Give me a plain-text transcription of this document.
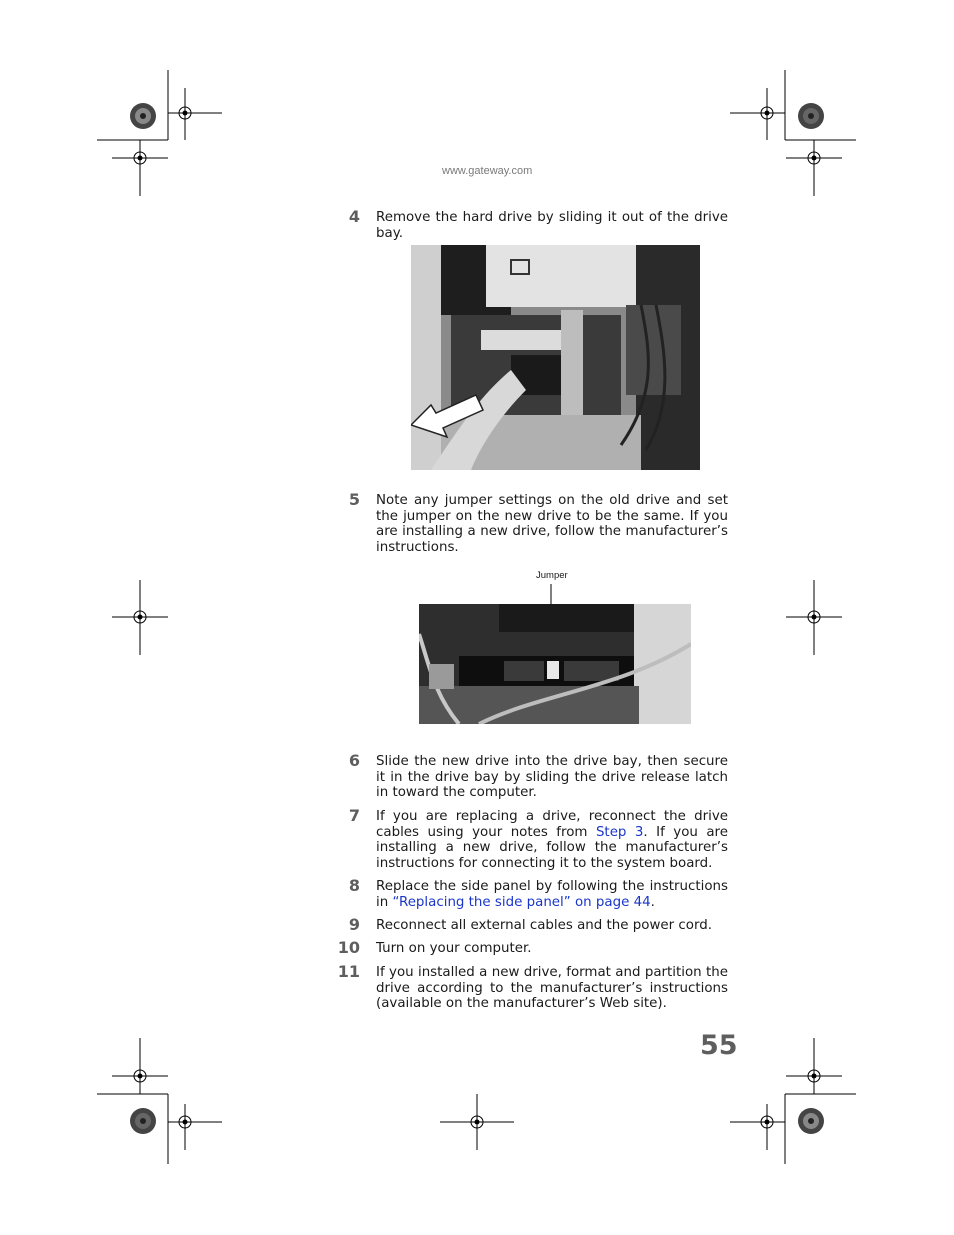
www.gateway.com
4 Remove the hard drive by sliding it out of the drive bay.
5 Note any jumper settings on the old drive and set the jumper on the new drive to be the same. If you are installing a new drive, follow the manufacturer’s instructions.
Jumper
6 Slide the new drive into the drive bay, then secure it in the drive bay by sliding the drive release latch in toward the computer.
7 If you are replacing a drive, reconnect the drive cables using your notes from Step 3. If you are installing a new drive, follow the manufacturer’s instructions for connecting it to the system board.
8 Replace the side panel by following the instructions in “Replacing the side panel” on page 44.
9 Reconnect all external cables and the power cord.
10 Turn on your computer.
11 If you installed a new drive, format and partition the drive according to the manufacturer’s instructions (available on the manufacturer’s Web site).
55
